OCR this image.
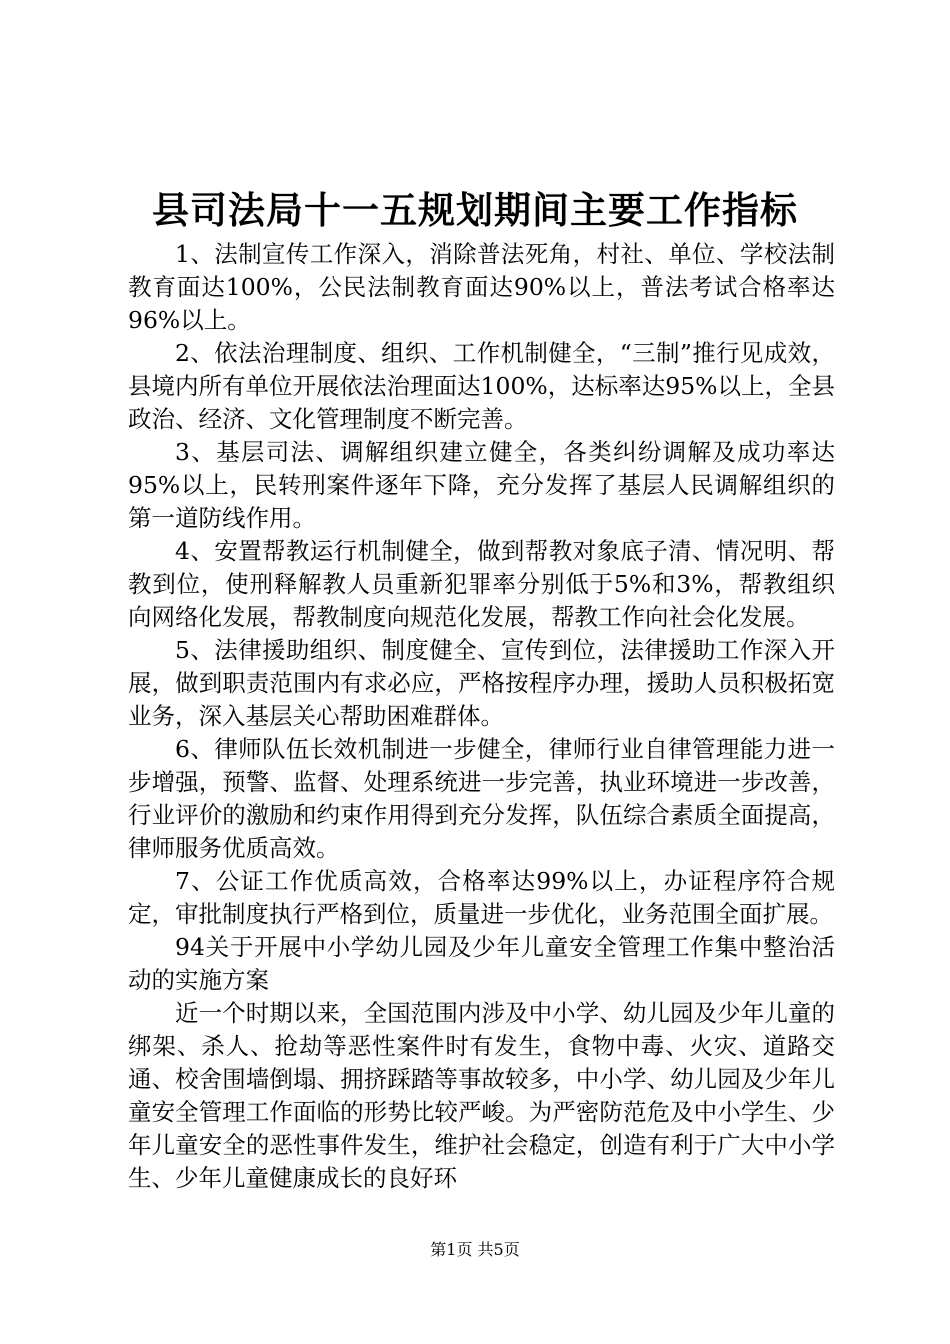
县司法局十一五规划期间主要工作指标

1、法制宣传工作深入，消除普法死角，村社、单位、学校法制教育面达100%，公民法制教育面达90%以上，普法考试合格率达96%以上。

2、依法治理制度、组织、工作机制健全，“三制”推行见成效，县境内所有单位开展依法治理面达100%，达标率达95%以上，全县政治、经济、文化管理制度不断完善。

3、基层司法、调解组织建立健全，各类纠纷调解及成功率达95%以上，民转刑案件逐年下降，充分发挥了基层人民调解组织的第一道防线作用。

4、安置帮教运行机制健全，做到帮教对象底子清、情况明、帮教到位，使刑释解教人员重新犯罪率分别低于5%和3%，帮教组织向网络化发展，帮教制度向规范化发展，帮教工作向社会化发展。

5、法律援助组织、制度健全、宣传到位，法律援助工作深入开展，做到职责范围内有求必应，严格按程序办理，援助人员积极拓宽业务，深入基层关心帮助困难群体。

6、律师队伍长效机制进一步健全，律师行业自律管理能力进一步增强，预警、监督、处理系统进一步完善，执业环境进一步改善，行业评价的激励和约束作用得到充分发挥，队伍综合素质全面提高，律师服务优质高效。

7、公证工作优质高效，合格率达99%以上，办证程序符合规定，审批制度执行严格到位，质量进一步优化，业务范围全面扩展。

94关于开展中小学幼儿园及少年儿童安全管理工作集中整治活动的实施方案

近一个时期以来，全国范围内涉及中小学、幼儿园及少年儿童的绑架、杀人、抢劫等恶性案件时有发生，食物中毒、火灾、道路交通、校舍围墙倒塌、拥挤踩踏等事故较多，中小学、幼儿园及少年儿童安全管理工作面临的形势比较严峻。为严密防范危及中小学生、少年儿童安全的恶性事件发生，维护社会稳定，创造有利于广大中小学生、少年儿童健康成长的良好环

第1页 共5页
